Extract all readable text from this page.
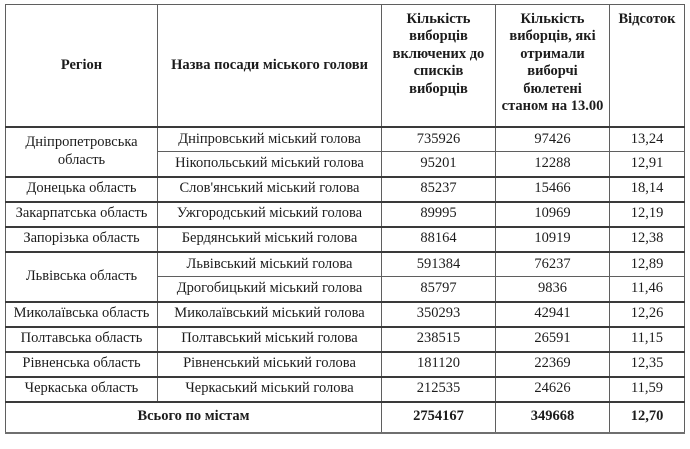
Регіон	Назва посади міського голови	Кількість виборців включених до списків виборців	Кількість виборців, які отримали виборчі бюлетені станом на 13.00	Відсоток
Дніпропетровська область	Дніпровський міський голова	735926	97426	13,24
	Нікопольський міський голова	95201	12288	12,91
Донецька область	Слов'янський міський голова	85237	15466	18,14
Закарпатська область	Ужгородський міський голова	89995	10969	12,19
Запорізька область	Бердянський міський голова	88164	10919	12,38
Львівська область	Львівський міський голова	591384	76237	12,89
	Дрогобицький міський голова	85797	9836	11,46
Миколаївська область	Миколаївський міський голова	350293	42941	12,26
Полтавська область	Полтавський міський голова	238515	26591	11,15
Рівненська область	Рівненський міський голова	181120	22369	12,35
Черкаська область	Черкаський міський голова	212535	24626	11,59
Всього по містам		2754167	349668	12,70
